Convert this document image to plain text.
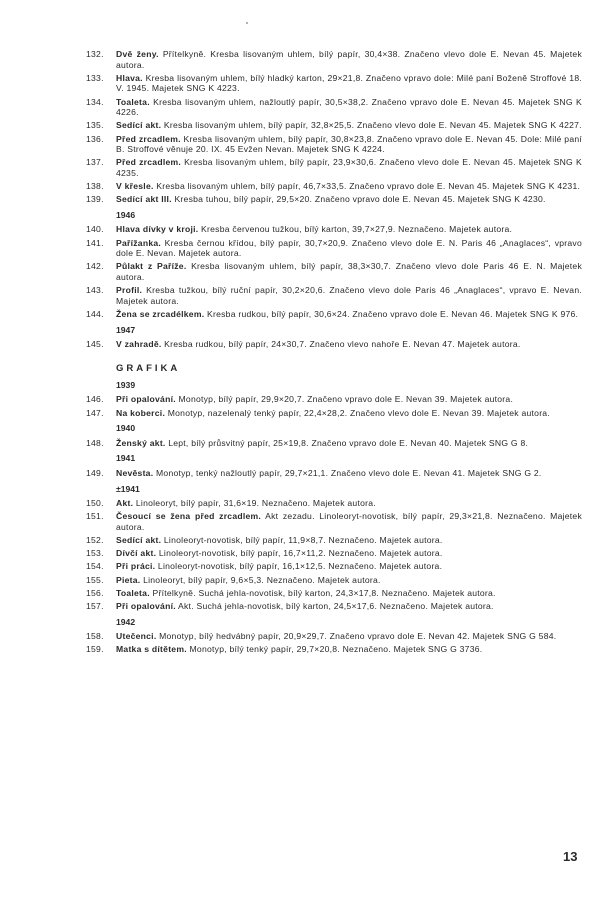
132.	Dvě ženy. Přítelkyně. Kresba lisovaným uhlem, bílý papír, 30,4×38. Značeno vlevo dole E. Nevan 45. Majetek autora.
133.	Hlava. Kresba lisovaným uhlem, bílý hladký karton, 29×21,8. Značeno vpravo dole: Milé paní Boženě Stroffové 18. V. 1945. Majetek SNG K 4223.
134.	Toaleta. Kresba lisovaným uhlem, nažloutlý papír, 30,5×38,2. Značeno vpravo dole E. Nevan 45. Majetek SNG K 4226.
135.	Sedící akt. Kresba lisovaným uhlem, bílý papír, 32,8×25,5. Značeno vlevo dole E. Nevan 45. Majetek SNG K 4227.
136.	Před zrcadlem. Kresba lisovaným uhlem, bílý papír, 30,8×23,8. Značeno vpravo dole E. Nevan 45. Dole: Milé paní B. Stroffové věnuje 20. IX. 45 Evžen Nevan. Majetek SNG K 4224.
137.	Před zrcadlem. Kresba lisovaným uhlem, bílý papír, 23,9×30,6. Značeno vlevo dole E. Nevan 45. Majetek SNG K 4235.
138.	V křesle. Kresba lisovaným uhlem, bílý papír, 46,7×33,5. Značeno vpravo dole E. Nevan 45. Majetek SNG K 4231.
139.	Sedící akt III. Kresba tuhou, bílý papír, 29,5×20. Značeno vpravo dole E. Nevan 45. Majetek SNG K 4230.
1946
140.	Hlava dívky v kroji. Kresba červenou tužkou, bílý karton, 39,7×27,9. Neznačeno. Majetek autora.
141.	Pařížanka. Kresba černou křídou, bílý papír, 30,7×20,9. Značeno vlevo dole E. N. Paris 46 „Anaglaces“, vpravo dole E. Nevan. Majetek autora.
142.	Půlakt z Paříže. Kresba lisovaným uhlem, bílý papír, 38,3×30,7. Značeno vlevo dole Paris 46 E. N. Majetek autora.
143.	Profil. Kresba tužkou, bílý ruční papír, 30,2×20,6. Značeno vlevo dole Paris 46 „Anaglaces“, vpravo E. Nevan. Majetek autora.
144.	Žena se zrcadélkem. Kresba rudkou, bílý papír, 30,6×24. Značeno vpravo dole E. Nevan 46. Majetek SNG K 976.
1947
145.	V zahradě. Kresba rudkou, bílý papír, 24×30,7. Značeno vlevo nahoře E. Nevan 47. Majetek autora.
GRAFIKA
1939
146.	Při opalování. Monotyp, bílý papír, 29,9×20,7. Značeno vpravo dole E. Nevan 39. Majetek autora.
147.	Na koberci. Monotyp, nazelenalý tenký papír, 22,4×28,2. Značeno vlevo dole E. Nevan 39. Majetek autora.
1940
148.	Ženský akt. Lept, bílý průsvitný papír, 25×19,8. Značeno vpravo dole E. Nevan 40. Majetek SNG G 8.
1941
149.	Nevěsta. Monotyp, tenký nažloutlý papír, 29,7×21,1. Značeno vlevo dole E. Nevan 41. Majetek SNG G 2.
±1941
150.	Akt. Linoleoryt, bílý papír, 31,6×19. Neznačeno. Majetek autora.
151.	Česoucí se žena před zrcadlem. Akt zezadu. Linoleoryt-novotisk, bílý papír, 29,3×21,8. Neznačeno. Majetek autora.
152.	Sedící akt. Linoleoryt-novotisk, bílý papír, 11,9×8,7. Neznačeno. Majetek autora.
153.	Dívčí akt. Linoleoryt-novotisk, bílý papír, 16,7×11,2. Neznačeno. Majetek autora.
154.	Při práci. Linoleoryt-novotisk, bílý papír, 16,1×12,5. Neznačeno. Majetek autora.
155.	Pieta. Linoleoryt, bílý papír, 9,6×5,3. Neznačeno. Majetek autora.
156.	Toaleta. Přítelkyně. Suchá jehla-novotisk, bílý karton, 24,3×17,8. Neznačeno. Majetek autora.
157.	Při opalování. Akt. Suchá jehla-novotisk, bílý karton, 24,5×17,6. Neznačeno. Majetek autora.
1942
158.	Utečenci. Monotyp, bílý hedvábný papír, 20,9×29,7. Značeno vpravo dole E. Nevan 42. Majetek SNG G 584.
159.	Matka s dítětem. Monotyp, bílý tenký papír, 29,7×20,8. Neznačeno. Majetek SNG G 3736.
13
